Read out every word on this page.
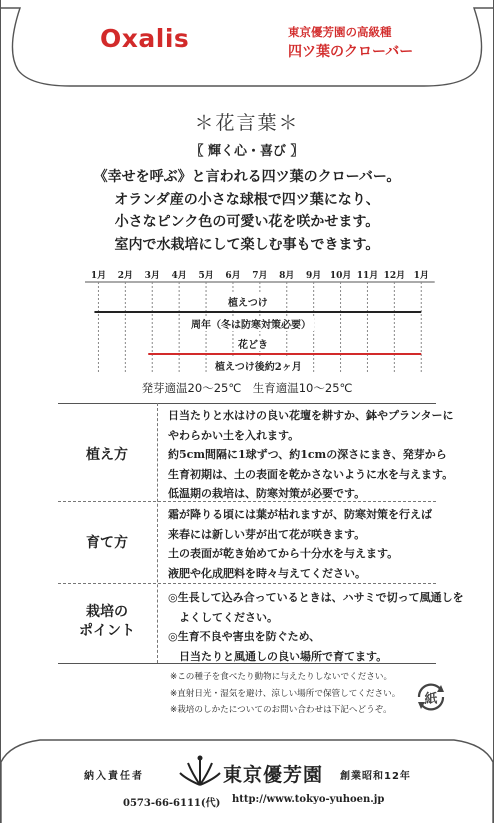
Oxalis	東京優芳園の高級種
四ツ葉のクローバー
＊花言葉＊
〖 輝く心・喜び 〗
《幸せを呼ぶ》と言われる四ツ葉のクローバー。
オランダ産の小さな球根で四ツ葉になり、
小さなピンク色の可愛い花を咲かせます。
室内で水栽培にして楽しむ事もできます。
1月	2月	3月	4月	5月	6月	7月	8月	9月 10月 11月 12月 1月
植えつけ
周年（冬は防寒対策必要）
花どき
植えつけ後約2ヶ月
発芽適温20〜25℃　生育適温10〜25℃
植え方
日当たりと水はけの良い花壇を耕すか、鉢やプランターに
やわらかい土を入れます。
約5cm間隔に1球ずつ、約1cmの深さにまき、発芽から
生育初期は、土の表面を乾かさないように水を与えます。
低温期の栽培は、防寒対策が必要です。
育て方
霜が降りる頃には葉が枯れますが、防寒対策を行えば
来春には新しい芽が出て花が咲きます。
土の表面が乾き始めてから十分水を与えます。
液肥や化成肥料を時々与えてください。
栽培の
ポイント
◎生長して込み合っているときは、ハサミで切って風通しを
　よくしてください。
◎生育不良や害虫を防ぐため、
　日当たりと風通しの良い場所で育てます。
※この種子を食べたり動物に与えたりしないでください。
※直射日光・湿気を避け、涼しい場所で保管してください。
※栽培のしかたについてのお問い合わせは下記へどうぞ。
紙
納入責任者	東京優芳園 創業昭和12年
0573-66-6111(代) http://www.tokyo-yuhoen.jp
